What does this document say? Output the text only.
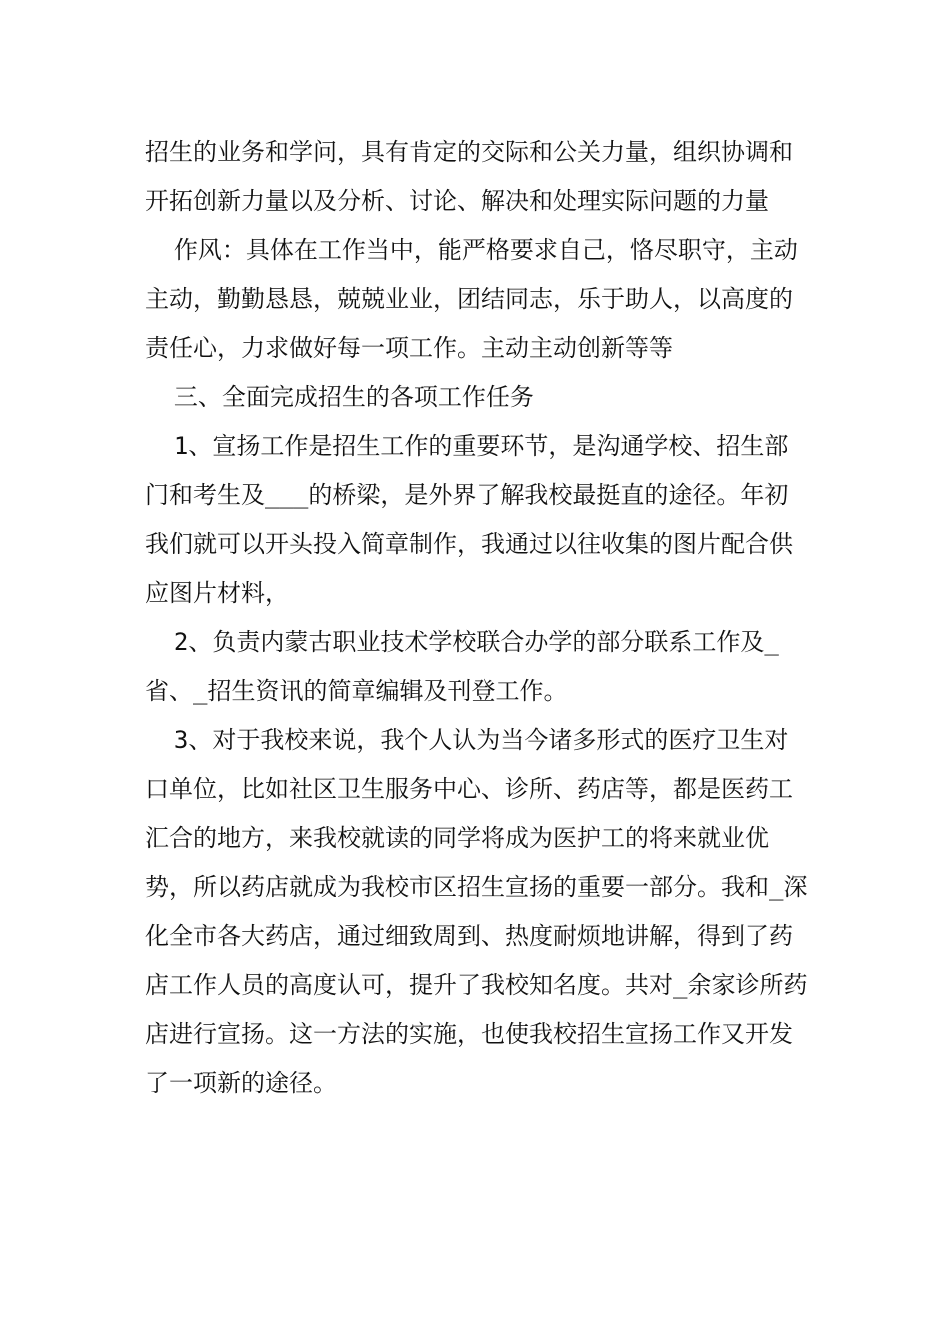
招生的业务和学问，具有肯定的交际和公关力量，组织协调和开拓创新力量以及分析、讨论、解决和处理实际问题的力量

作风：具体在工作当中，能严格要求自己，恪尽职守，主动主动，勤勤恳恳，兢兢业业，团结同志，乐于助人，以高度的责任心，力求做好每一项工作。主动主动创新等等

三、全面完成招生的各项工作任务

1、宣扬工作是招生工作的重要环节，是沟通学校、招生部门和考生及___的桥梁，是外界了解我校最挺直的途径。年初我们就可以开头投入简章制作，我通过以往收集的图片配合供应图片材料，

2、负责内蒙古职业技术学校联合办学的部分联系工作及_省、_招生资讯的简章编辑及刊登工作。

3、对于我校来说，我个人认为当今诸多形式的医疗卫生对口单位，比如社区卫生服务中心、诊所、药店等，都是医药工汇合的地方，来我校就读的同学将成为医护工的将来就业优势，所以药店就成为我校市区招生宣扬的重要一部分。我和_深化全市各大药店，通过细致周到、热度耐烦地讲解，得到了药店工作人员的高度认可，提升了我校知名度。共对_余家诊所药店进行宣扬。这一方法的实施，也使我校招生宣扬工作又开发了一项新的途径。
